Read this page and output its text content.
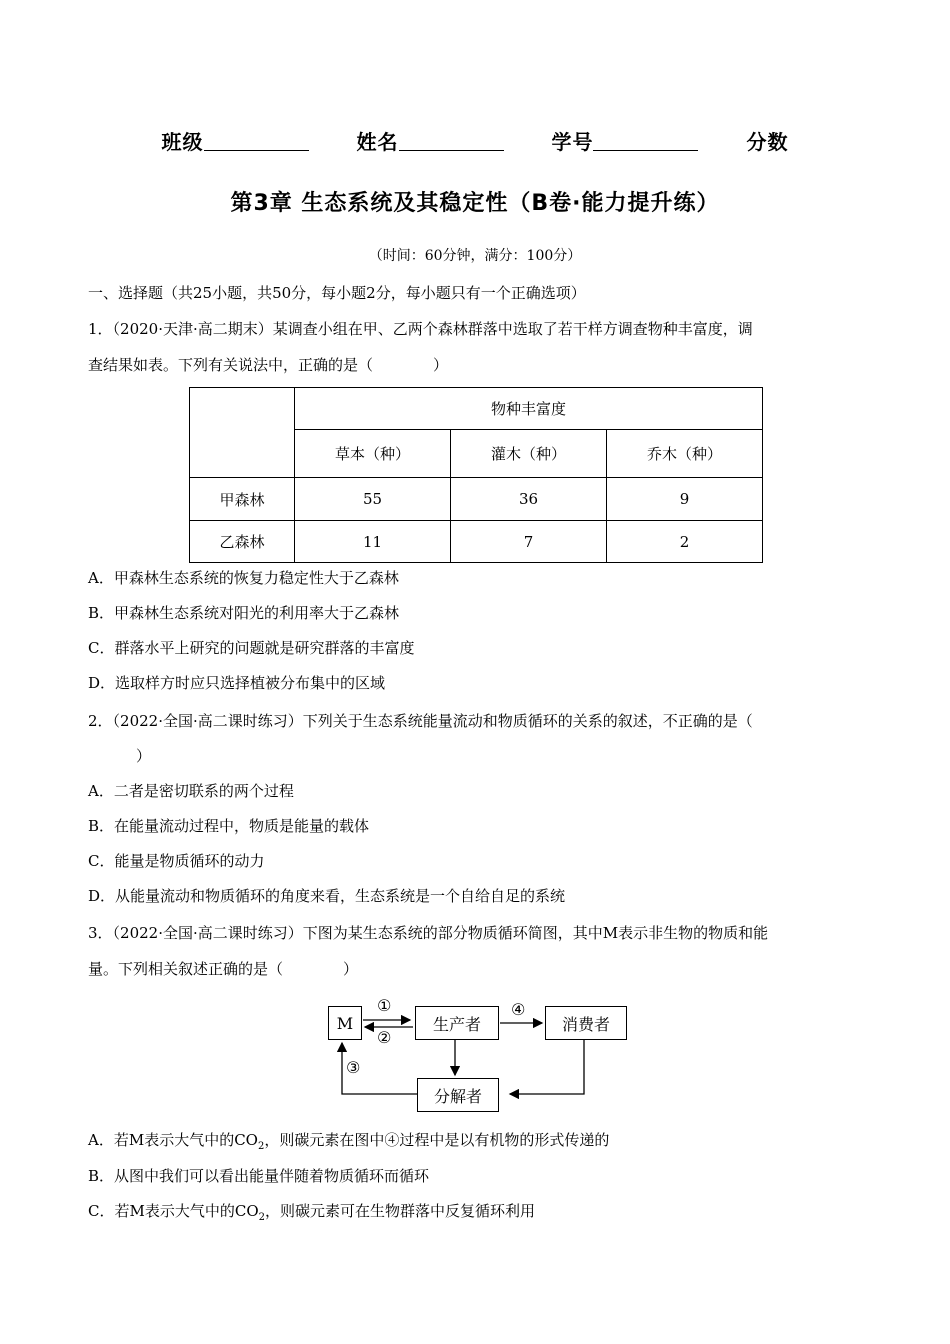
班级	姓名	学号	分数
第3章 生态系统及其稳定性（B卷·能力提升练）
（时间：60分钟，满分：100分）
一、选择题（共25小题，共50分，每小题2分，每小题只有一个正确选项）
1．（2020·天津·高二期末）某调查小组在甲、乙两个森林群落中选取了若干样方调查物种丰富度，调
查结果如表。下列有关说法中，正确的是（　　　　）
	物种丰富度		
	草本（种）	灌木（种）	乔木（种）
甲森林	55	36	9
乙森林	11	7	2
A．甲森林生态系统的恢复力稳定性大于乙森林
B．甲森林生态系统对阳光的利用率大于乙森林
C．群落水平上研究的问题就是研究群落的丰富度
D．选取样方时应只选择植被分布集中的区域
2．（2022·全国·高二课时练习）下列关于生态系统能量流动和物质循环的关系的叙述，不正确的是（
）
A．二者是密切联系的两个过程
B．在能量流动过程中，物质是能量的载体
C．能量是物质循环的动力
D．从能量流动和物质循环的角度来看，生态系统是一个自给自足的系统
3．（2022·全国·高二课时练习）下图为某生态系统的部分物质循环简图，其中M表示非生物的物质和能
量。下列相关叙述正确的是（　　　　）
M	生产者	消费者
分解者
①
②
④
③
A．若M表示大气中的$CO_2$，则碳元素在图中④过程中是以有机物的形式传递的
B．从图中我们可以看出能量伴随着物质循环而循环
C．若M表示大气中的$CO_2$，则碳元素可在生物群落中反复循环利用
